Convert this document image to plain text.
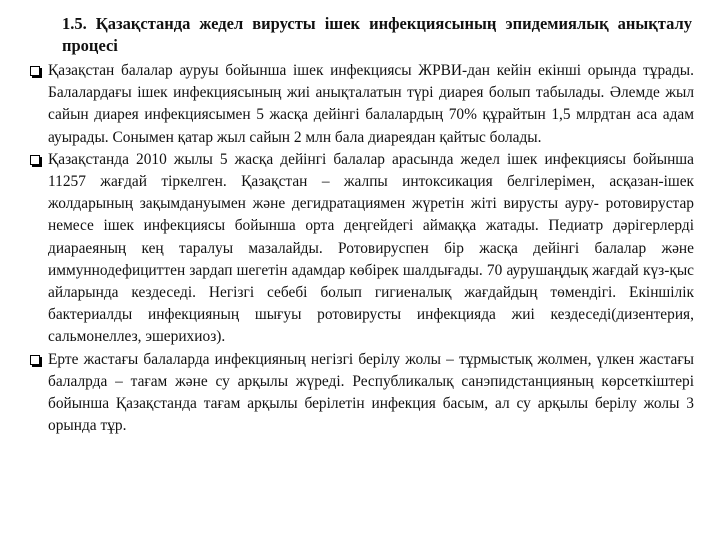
1.5. Қазақстанда жедел вирусты ішек инфекциясының эпидемиялық анықталу процесі
Қазақстан балалар ауруы бойынша ішек инфекциясы ЖРВИ-дан кейін екінші орында тұрады. Балалардағы ішек инфекциясының жиі анықталатын түрі диарея болып табылады. Әлемде жыл сайын диарея инфекциясымен 5 жасқа дейінгі балалардың 70% құрайтын 1,5 млрдтан аса адам ауырады. Сонымен қатар жыл сайын 2 млн бала диареядан қайтыс болады.
Қазақстанда 2010 жылы 5 жасқа дейінгі балалар арасында жедел ішек инфекциясы бойынша 11257 жағдай тіркелген. Қазақстан – жалпы интоксикация белгілерімен, асқазан-ішек жолдарының зақымдануымен және дегидратациямен жүретін жіті вирусты ауру- ротовирустар немесе ішек инфекциясы бойынша орта деңгейдегі аймаққа жатады. Педиатр дәрігерлерді диараеяның кең таралуы мазалайды. Ротовируспен бір жасқа дейінгі балалар және иммуннодефициттен зардап шегетін адамдар көбірек шалдығады. 70 аурушаңдық жағдай күз-қыс айларында кездеседі. Негізгі себебі болып гигиеналық жағдайдың төмендігі. Екіншілік бактериалды инфекцияның шығуы ротовирусты инфекцияда жиі кездеседі(дизентерия, сальмонеллез, эшерихиоз).
Ерте жастағы балаларда инфекцияның негізгі берілу жолы – тұрмыстық жолмен, үлкен жастағы балалрда – тағам және су арқылы жүреді. Республикалық санэпидстанцияның көрсеткіштері бойынша Қазақстанда тағам арқылы берілетін инфекция басым, ал су арқылы берілу жолы 3 орында тұр.
